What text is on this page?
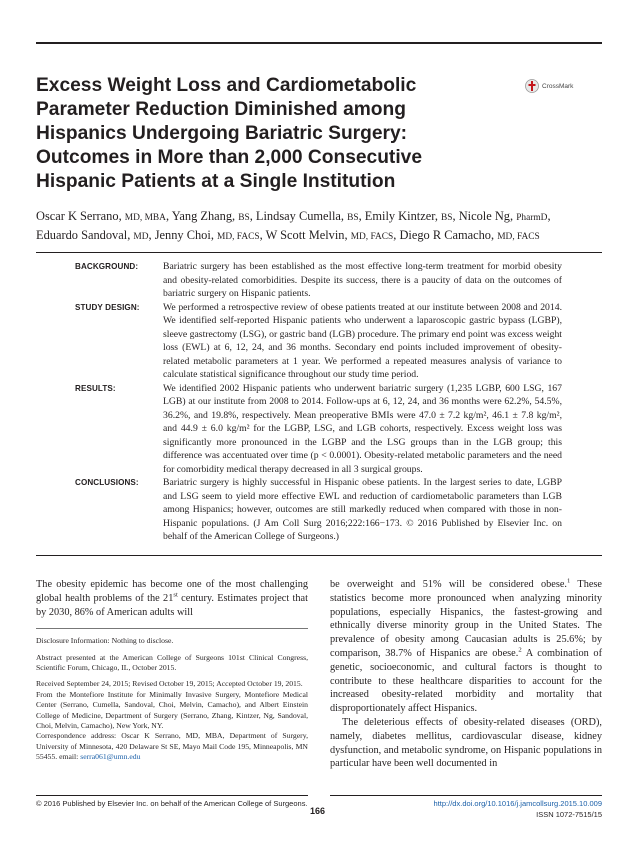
Excess Weight Loss and Cardiometabolic
Parameter Reduction Diminished among
Hispanics Undergoing Bariatric Surgery:
Outcomes in More than 2,000 Consecutive
Hispanic Patients at a Single Institution
CrossMark
Oscar K Serrano, MD, MBA, Yang Zhang, BS, Lindsay Cumella, BS, Emily Kintzer, BS, Nicole Ng, PharmD,
Eduardo Sandoval, MD, Jenny Choi, MD, FACS, W Scott Melvin, MD, FACS, Diego R Camacho, MD, FACS
BACKGROUND:	Bariatric surgery has been established as the most effective long-term treatment for morbid obesity and obesity-related comorbidities. Despite its success, there is a paucity of data on the outcomes of bariatric surgery on Hispanic patients.
STUDY DESIGN:	We performed a retrospective review of obese patients treated at our institute between 2008 and 2014. We identified self-reported Hispanic patients who underwent a laparoscopic gastric bypass (LGBP), sleeve gastrectomy (LSG), or gastric band (LGB) procedure. The primary end point was excess weight loss (EWL) at 6, 12, 24, and 36 months. Secondary end points included improvement of obesity-related metabolic parameters at 1 year. We performed a repeated measures analysis of variance to calculate statistical significance throughout our study time period.
RESULTS:	We identified 2002 Hispanic patients who underwent bariatric surgery (1,235 LGBP, 600 LSG, 167 LGB) at our institute from 2008 to 2014. Follow-ups at 6, 12, 24, and 36 months were 62.2%, 54.5%, 36.2%, and 19.8%, respectively. Mean preoperative BMIs were 47.0 ± 7.2 kg/m², 46.1 ± 7.8 kg/m², and 44.9 ± 6.0 kg/m² for the LGBP, LSG, and LGB cohorts, respectively. Excess weight loss was significantly more pronounced in the LGBP and the LSG groups than in the LGB group; this difference was accentuated over time (p < 0.0001). Obesity-related metabolic parameters and the need for comorbidity medical therapy decreased in all 3 surgical groups.
CONCLUSIONS:	Bariatric surgery is highly successful in Hispanic obese patients. In the largest series to date, LGBP and LSG seem to yield more effective EWL and reduction of cardiometabolic parameters than LGB among Hispanics; however, outcomes are still markedly reduced when compared with those in non-Hispanic populations. (J Am Coll Surg 2016;222:166−173. © 2016 Published by Elsevier Inc. on behalf of the American College of Surgeons.)

The obesity epidemic has become one of the most challenging global health problems of the 21st century. Estimates project that by 2030, 86% of American adults will

Disclosure Information: Nothing to disclose.

Abstract presented at the American College of Surgeons 101st Clinical Congress, Scientific Forum, Chicago, IL, October 2015.

Received September 24, 2015; Revised October 19, 2015; Accepted October 19, 2015.

From the Montefiore Institute for Minimally Invasive Surgery, Montefiore Medical Center (Serrano, Cumella, Sandoval, Choi, Melvin, Camacho), and Albert Einstein College of Medicine, Department of Surgery (Serrano, Zhang, Kintzer, Ng, Sandoval, Choi, Melvin, Camacho), New York, NY.

Correspondence address: Oscar K Serrano, MD, MBA, Department of Surgery, University of Minnesota, 420 Delaware St SE, Mayo Mail Code 195, Minneapolis, MN 55455. email: serra061@umn.edu

be overweight and 51% will be considered obese.$^1$ These statistics become more pronounced when analyzing minority populations, especially Hispanics, the fastest-growing and ethnically diverse minority group in the United States. The prevalence of obesity among Caucasian adults is 25.6%; by comparison, 38.7% of Hispanics are obese.$^2$ A combination of genetic, socioeconomic, and cultural factors is thought to contribute to these healthcare disparities to account for the increased obesity-related morbidity and mortality that disproportionately affect Hispanics.

The deleterious effects of obesity-related diseases (ORD), namely, diabetes mellitus, cardiovascular disease, kidney dysfunction, and metabolic syndrome, on Hispanic populations in particular have been well documented in

© 2016 Published by Elsevier Inc. on behalf of the American College of Surgeons.
166
http://dx.doi.org/10.1016/j.jamcollsurg.2015.10.009
ISSN 1072-7515/15
